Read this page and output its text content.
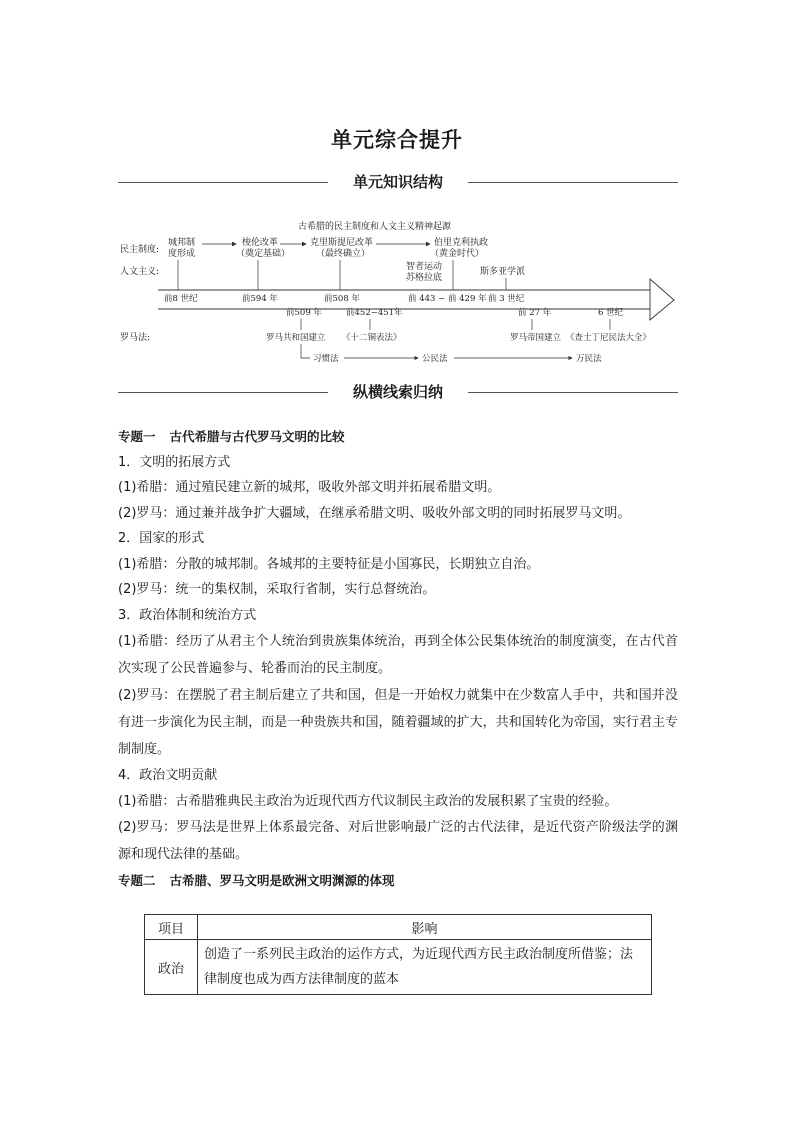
单元综合提升
单元知识结构
民主制度:
人文主义:
罗马法:
古希腊的民主制度和人文主义精神起源
城邦制
度形成
梭伦改革
（奠定基础）
克里斯提尼改革
（最终确立）
伯里克利执政
（黄金时代）
智者运动
苏格拉底
斯多亚学派
前8 世纪	前594 年	前508 年	前 443 ~ 前 429 年 前 3 世纪
前509 年	前452~451年	前 27 年	6 世纪
罗马共和国建立 《十二铜表法》	罗马帝国建立 《查士丁尼民法大全》
习惯法	公民法	万民法
纵横线索归纳
专题一 古代希腊与古代罗马文明的比较
1．文明的拓展方式
(1)希腊：通过殖民建立新的城邦，吸收外部文明并拓展希腊文明。
(2)罗马：通过兼并战争扩大疆域，在继承希腊文明、吸收外部文明的同时拓展罗马文明。
2．国家的形式
(1)希腊：分散的城邦制。各城邦的主要特征是小国寡民，长期独立自治。
(2)罗马：统一的集权制，采取行省制，实行总督统治。
3．政治体制和统治方式
(1)希腊：经历了从君主个人统治到贵族集体统治，再到全体公民集体统治的制度演变，在古代首次实现了公民普遍参与、轮番而治的民主制度。
(2)罗马：在摆脱了君主制后建立了共和国，但是一开始权力就集中在少数富人手中，共和国并没有进一步演化为民主制，而是一种贵族共和国，随着疆域的扩大，共和国转化为帝国，实行君主专制制度。
4．政治文明贡献
(1)希腊：古希腊雅典民主政治为近现代西方代议制民主政治的发展积累了宝贵的经验。
(2)罗马：罗马法是世界上体系最完备、对后世影响最广泛的古代法律，是近代资产阶级法学的渊源和现代法律的基础。
专题二 古希腊、罗马文明是欧洲文明渊源的体现
项目	影响
政治	创造了一系列民主政治的运作方式，为近现代西方民主政治制度所借鉴；法律制度也成为西方法律制度的蓝本
